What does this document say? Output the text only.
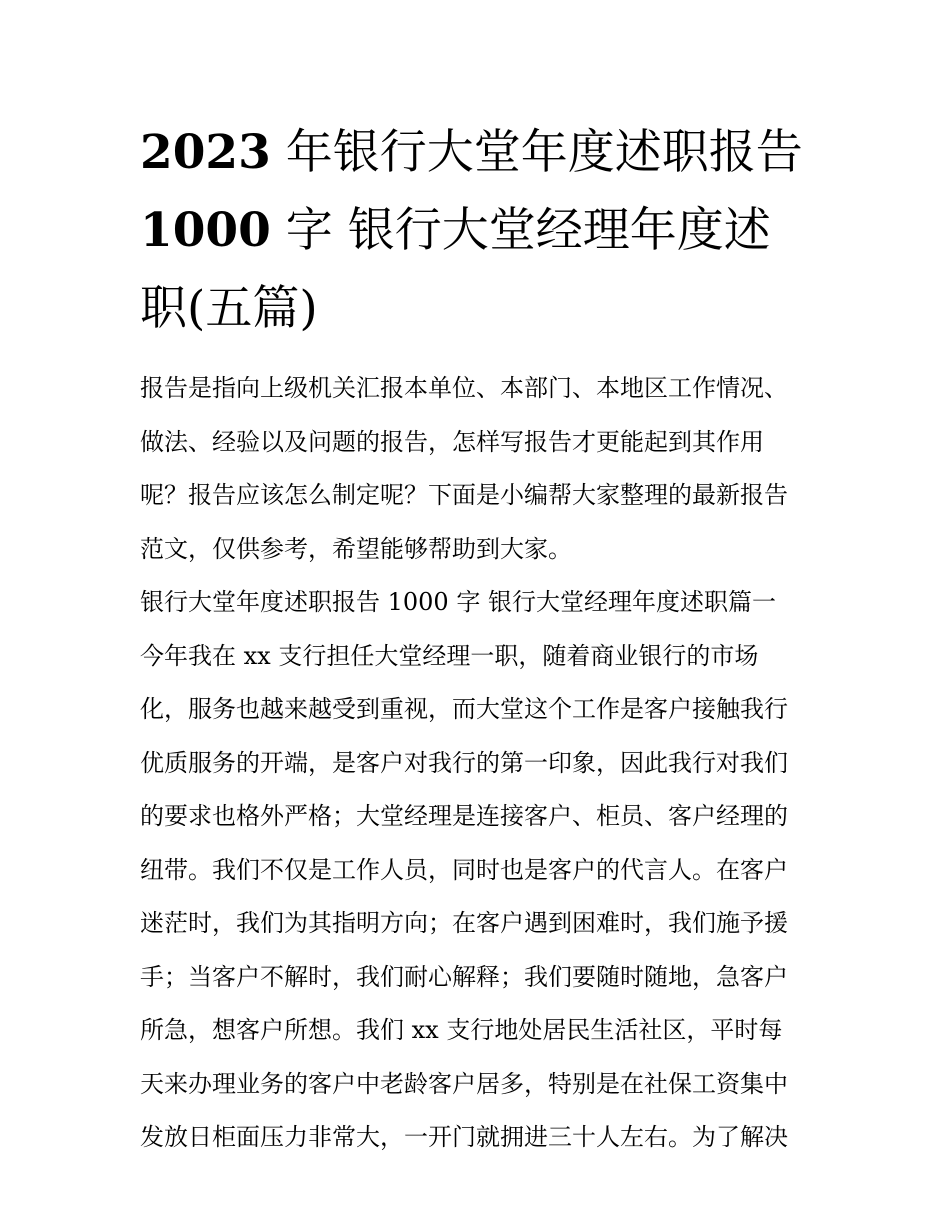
2023 年银行大堂年度述职报告
1000 字 银行大堂经理年度述
职(五篇)
报告是指向上级机关汇报本单位、本部门、本地区工作情况、
做法、经验以及问题的报告，怎样写报告才更能起到其作用
呢？报告应该怎么制定呢？下面是小编帮大家整理的最新报告
范文，仅供参考，希望能够帮助到大家。
银行大堂年度述职报告 1000 字 银行大堂经理年度述职篇一
今年我在 xx 支行担任大堂经理一职，随着商业银行的市场
化，服务也越来越受到重视，而大堂这个工作是客户接触我行
优质服务的开端，是客户对我行的第一印象，因此我行对我们
的要求也格外严格；大堂经理是连接客户、柜员、客户经理的
纽带。我们不仅是工作人员，同时也是客户的代言人。在客户
迷茫时，我们为其指明方向；在客户遇到困难时，我们施予援
手；当客户不解时，我们耐心解释；我们要随时随地，急客户
所急，想客户所想。我们 xx 支行地处居民生活社区，平时每
天来办理业务的客户中老龄客户居多，特别是在社保工资集中
发放日柜面压力非常大，一开门就拥进三十人左右。为了解决
